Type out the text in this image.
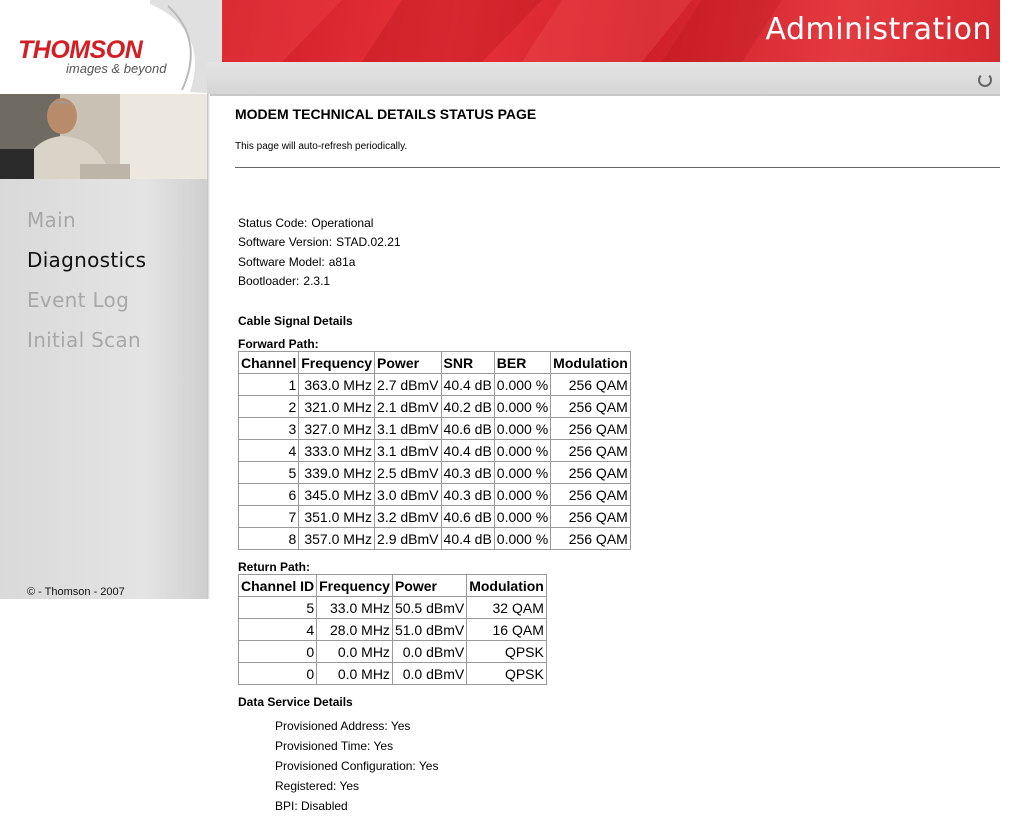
THOMSON
images & beyond
Administration
Main
Diagnostics
Event Log
Initial Scan
© - Thomson - 2007
MODEM TECHNICAL DETAILS STATUS PAGE
This page will auto-refresh periodically.
Status Code: Operational
Software Version: STAD.02.21
Software Model: a81a
Bootloader: 2.3.1
Cable Signal Details
Forward Path:
Channel	Frequency	Power	SNR	BER	Modulation
1	363.0 MHz	2.7 dBmV	40.4 dB	0.000 %	256 QAM
2	321.0 MHz	2.1 dBmV	40.2 dB	0.000 %	256 QAM
3	327.0 MHz	3.1 dBmV	40.6 dB	0.000 %	256 QAM
4	333.0 MHz	3.1 dBmV	40.4 dB	0.000 %	256 QAM
5	339.0 MHz	2.5 dBmV	40.3 dB	0.000 %	256 QAM
6	345.0 MHz	3.0 dBmV	40.3 dB	0.000 %	256 QAM
7	351.0 MHz	3.2 dBmV	40.6 dB	0.000 %	256 QAM
8	357.0 MHz	2.9 dBmV	40.4 dB	0.000 %	256 QAM
Return Path:
Channel ID	Frequency	Power	Modulation
5	33.0 MHz	50.5 dBmV	32 QAM
4	28.0 MHz	51.0 dBmV	16 QAM
0	0.0 MHz	0.0 dBmV	QPSK
0	0.0 MHz	0.0 dBmV	QPSK
Data Service Details
Provisioned Address: Yes
Provisioned Time: Yes
Provisioned Configuration: Yes
Registered: Yes
BPI: Disabled
